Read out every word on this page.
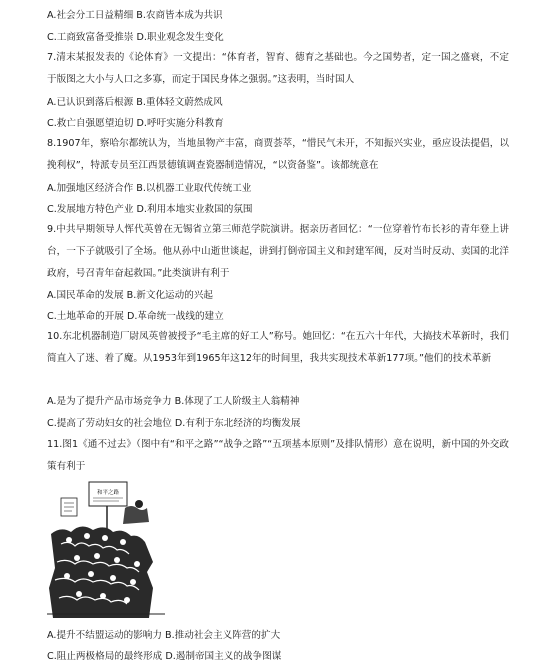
A.社会分工日益精细 B.农商皆本成为共识
C.工商致富备受推崇 D.职业观念发生变化
7.清末某报发表的《论体育》一文提出：“体育者，智育、德育之基础也。今之国势者，定一国之盛衰，不定于版图之大小与人口之多寡，而定于国民身体之强弱。”这表明，当时国人
A.已认识到落后根源 B.重体轻文蔚然成风
C.救亡自强愿望迫切 D.呼吁实施分科教育
8.1907年，察哈尔都统认为，当地虽物产丰富，商贾荟萃，“惜民气未开，不知振兴实业，亟应设法提倡，以挽利权”，特派专员至江西景德镇调查瓷器制造情况，“以资备鉴”。该都统意在
A.加强地区经济合作 B.以机器工业取代传统工业
C.发展地方特色产业 D.利用本地实业救国的氛围
9.中共早期领导人恽代英曾在无锡省立第三师范学院演讲。据亲历者回忆：“一位穿着竹布长衫的青年登上讲台，一下子就吸引了全场。他从孙中山逝世谈起，讲到打倒帝国主义和封建军阀，反对当时反动、卖国的北洋政府，号召青年奋起救国。”此类演讲有利于
A.国民革命的发展 B.新文化运动的兴起
C.土地革命的开展 D.革命统一战线的建立
10.东北机器制造厂尉凤英曾被授予“毛主席的好工人”称号。她回忆：“在五六十年代，大搞技术革新时，我们简直入了迷、着了魔。从1953年到1965年这12年的时间里，我共实现技术革新177项。”他们的技术革新
A.是为了提升产品市场竞争力 B.体现了工人阶级主人翁精神
C.提高了劳动妇女的社会地位 D.有利于东北经济的均衡发展
11.图1《通不过去》（图中有“和平之路”“战争之路”“五项基本原则”及排队情形）意在说明，新中国的外交政策有利于
和平之路
A.提升不结盟运动的影响力 B.推动社会主义阵营的扩大
C.阻止两极格局的最终形成 D.遏制帝国主义的战争图谋
